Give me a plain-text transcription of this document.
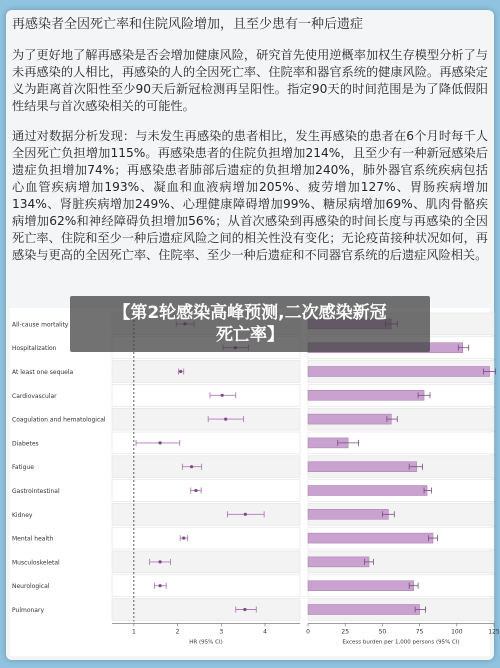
再感染者全因死亡率和住院风险增加，且至少患有一种后遗症

为了更好地了解再感染是否会增加健康风险，研究首先使用逆概率加权生存模型分析了与未再感染的人相比，再感染的人的全因死亡率、住院率和器官系统的健康风险。再感染定义为距离首次阳性至少90天后新冠检测再呈阳性。指定90天的时间范围是为了降低假阳性结果与首次感染相关的可能性。

通过对数据分析发现：与未发生再感染的患者相比，发生再感染的患者在6个月时每千人全因死亡负担增加115%。再感染患者的住院负担增加214%，且至少有一种新冠感染后遗症负担增加74%；再感染患者肺部后遗症的负担增加240%，肺外器官系统疾病包括心血管疾病增加193%、凝血和血液病增加205%、疲劳增加127%、胃肠疾病增加134%、肾脏疾病增加249%、心理健康障碍增加99%、糖尿病增加69%、肌肉骨骼疾病增加62%和神经障碍负担增加56%；从首次感染到再感染的时间长度与再感染的全因死亡率、住院和至少一种后遗症风险之间的相关性没有变化；无论疫苗接种状况如何，再感染与更高的全因死亡率、住院率、至少一种后遗症和不同器官系统的后遗症风险相关。

All-cause mortality
Hospitalization
At least one sequela
Cardiovascular
Coagulation and hematological
Diabetes
Fatigue
Gastrointestinal
Kidney
Mental health
Musculoskeletal
Neurological
Pulmonary
1	2	3	4
HR (95% CI)
0	25	50	75	100	125
Excess burden per 1,000 persons (95% CI)
【第2轮感染高峰预测,二次感染新冠
死亡率】
